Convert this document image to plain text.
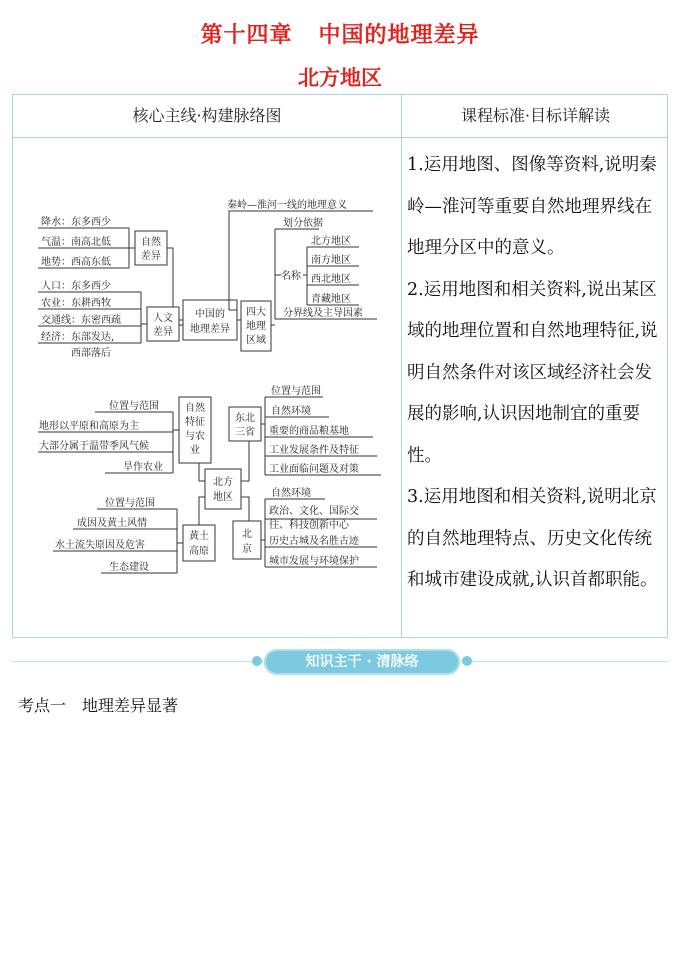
第十四章 中国的地理差异
北方地区
核心主线·构建脉络图	课程标准·目标详解读
中国的
地理差异
自然
差异
降水：东多西少
气温：南高北低
地势：西高东低
人文
差异
人口：东多西少
农业：东耕西牧
交通线：东密西疏
经济：东部发达,
西部落后
四大
地理
区域
秦岭—淮河一线的地理意义
划分依据
名称
北方地区
南方地区
西北地区
青藏地区
分界线及主导因素
北方
地区
自然
特征
与农
业
位置与范围
地形以平原和高原为主
大部分属于温带季风气候
旱作农业
东北
三省
位置与范围
自然环境
重要的商品粮基地
工业发展条件及特征
工业面临问题及对策
黄土
高原
位置与范围
成因及黄土风情
水土流失原因及危害
生态建设
北
京
自然环境
政治、文化、国际交
往、科技创新中心
历史古城及名胜古迹
城市发展与环境保护

1.运用地图、图像等资料,说明秦岭—淮河等重要自然地理界线在地理分区中的意义。

2.运用地图和相关资料,说出某区域的地理位置和自然地理特征,说明自然条件对该区域经济社会发展的影响,认识因地制宜的重要性。

3.运用地图和相关资料,说明北京的自然地理特点、历史文化传统和城市建设成就,认识首都职能。

知识主干 · 清脉络
考点一　地理差异显著
